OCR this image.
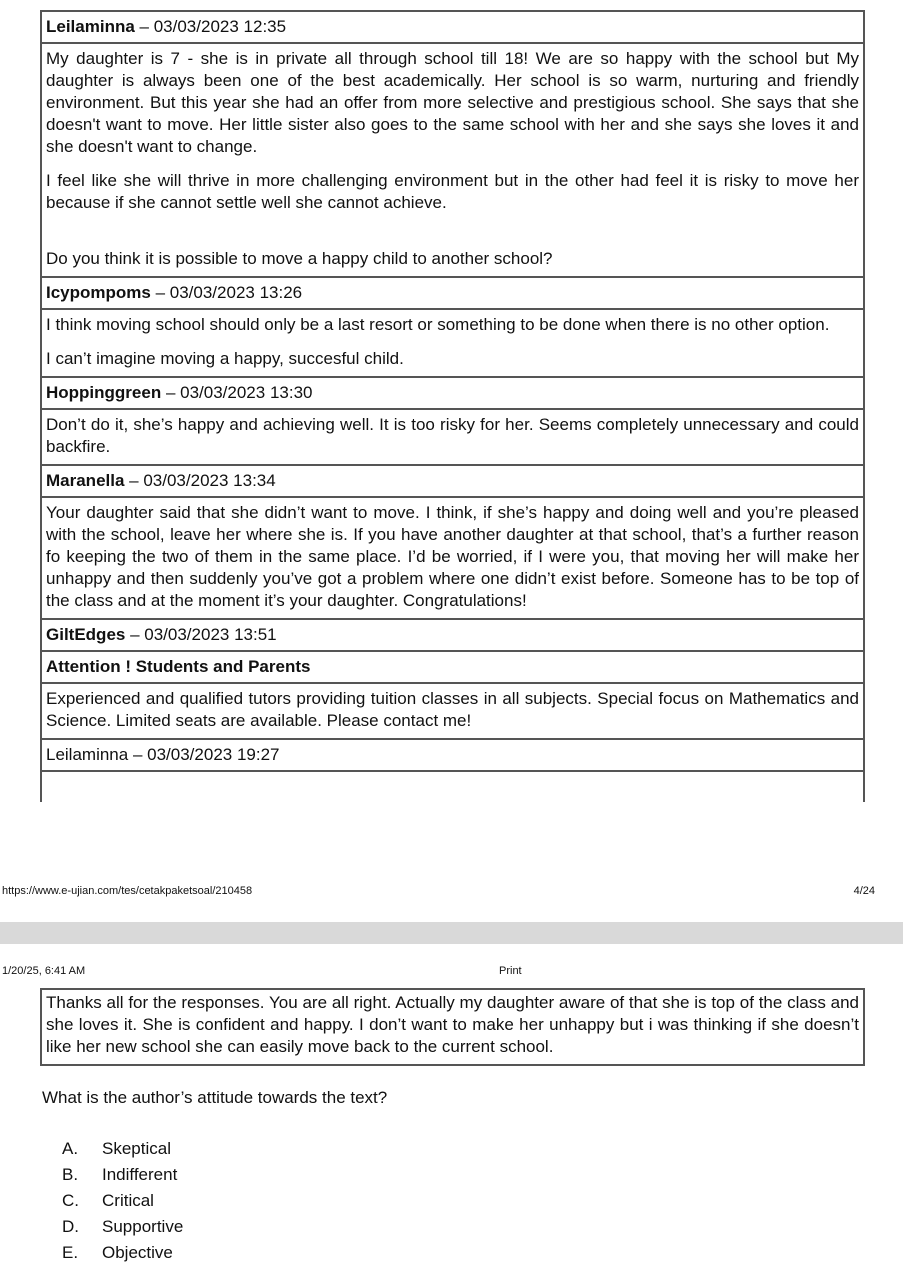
Leilaminna – 03/03/2023 12:35

My daughter is 7 - she is in private all through school till 18! We are so happy with the school but My daughter is always been one of the best academically. Her school is so warm, nurturing and friendly environment. But this year she had an offer from more selective and prestigious school. She says that she doesn't want to move. Her little sister also goes to the same school with her and she says she loves it and she doesn't want to change.

I feel like she will thrive in more challenging environment but in the other had feel it is risky to move her because if she cannot settle well she cannot achieve.

Do you think it is possible to move a happy child to another school?

Icypompoms – 03/03/2023 13:26

I think moving school should only be a last resort or something to be done when there is no other option.

I can’t imagine moving a happy, succesful child.

Hoppinggreen – 03/03/2023 13:30

Don’t do it, she’s happy and achieving well. It is too risky for her. Seems completely unnecessary and could backfire.

Maranella – 03/03/2023 13:34

Your daughter said that she didn’t want to move. I think, if she’s happy and doing well and you’re pleased with the school, leave her where she is. If you have another daughter at that school, that’s a further reason fo keeping the two of them in the same place. I’d be worried, if I were you, that moving her will make her unhappy and then suddenly you’ve got a problem where one didn’t exist before. Someone has to be top of the class and at the moment it’s your daughter. Congratulations!

GiltEdges – 03/03/2023 13:51
Attention ! Students and Parents

Experienced and qualified tutors providing tuition classes in all subjects. Special focus on Mathematics and Science. Limited seats are available. Please contact me!

Leilaminna – 03/03/2023 19:27
https://www.e-ujian.com/tes/cetakpaketsoal/210458	4/24
1/20/25, 6:41 AM	Print
Thanks all for the responses. You are all right. Actually my daughter aware of that she is top of the class and she loves it. She is confident and happy. I don’t want to make her unhappy but i was thinking if she doesn’t like her new school she can easily move back to the current school.
What is the author’s attitude towards the text?
A.	Skeptical
B.	Indifferent
C.	Critical
D.	Supportive
E.	Objective
